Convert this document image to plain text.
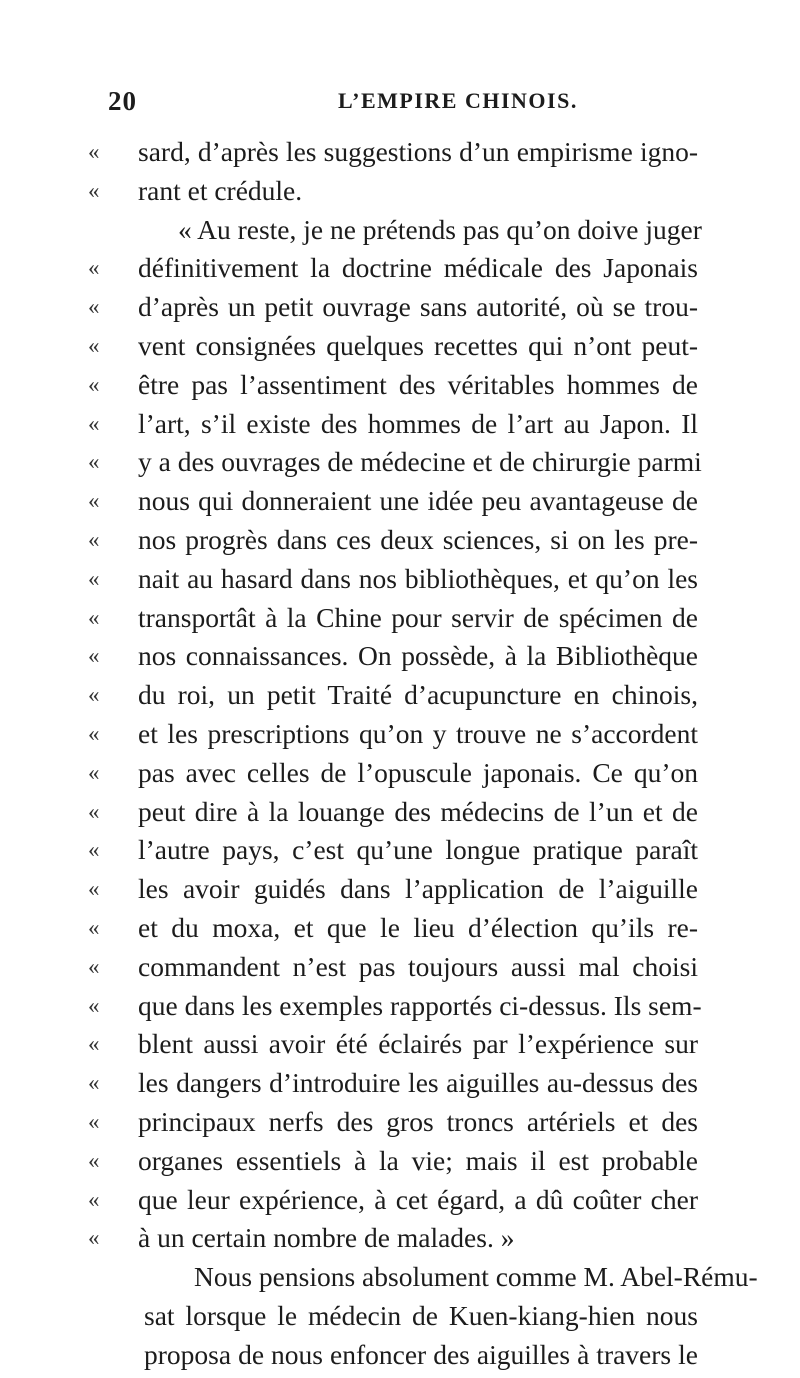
20	L’EMPIRE CHINOIS.
«	sard, d’après les suggestions d’un empirisme igno-
«	rant et crédule.
« Au reste, je ne prétends pas qu’on doive juger
«	définitivement la doctrine médicale des Japonais
«	d’après un petit ouvrage sans autorité, où se trou-
«	vent consignées quelques recettes qui n’ont peut-
«	être pas l’assentiment des véritables hommes de
«	l’art, s’il existe des hommes de l’art au Japon. Il
«	y a des ouvrages de médecine et de chirurgie parmi
«	nous qui donneraient une idée peu avantageuse de
«	nos progrès dans ces deux sciences, si on les pre-
«	nait au hasard dans nos bibliothèques, et qu’on les
«	transportât à la Chine pour servir de spécimen de
«	nos connaissances. On possède, à la Bibliothèque
«	du roi, un petit Traité d’acupuncture en chinois,
«	et les prescriptions qu’on y trouve ne s’accordent
«	pas avec celles de l’opuscule japonais. Ce qu’on
«	peut dire à la louange des médecins de l’un et de
«	l’autre pays, c’est qu’une longue pratique paraît
«	les avoir guidés dans l’application de l’aiguille
«	et du moxa, et que le lieu d’élection qu’ils re-
«	commandent n’est pas toujours aussi mal choisi
«	que dans les exemples rapportés ci-dessus. Ils sem-
«	blent aussi avoir été éclairés par l’expérience sur
«	les dangers d’introduire les aiguilles au-dessus des
«	principaux nerfs des gros troncs artériels et des
«	organes essentiels à la vie; mais il est probable
«	que leur expérience, à cet égard, a dû coûter cher
«	à un certain nombre de malades. »
Nous pensions absolument comme M. Abel-Rému-
sat lorsque le médecin de Kuen-kiang-hien nous
proposa de nous enfoncer des aiguilles à travers le
